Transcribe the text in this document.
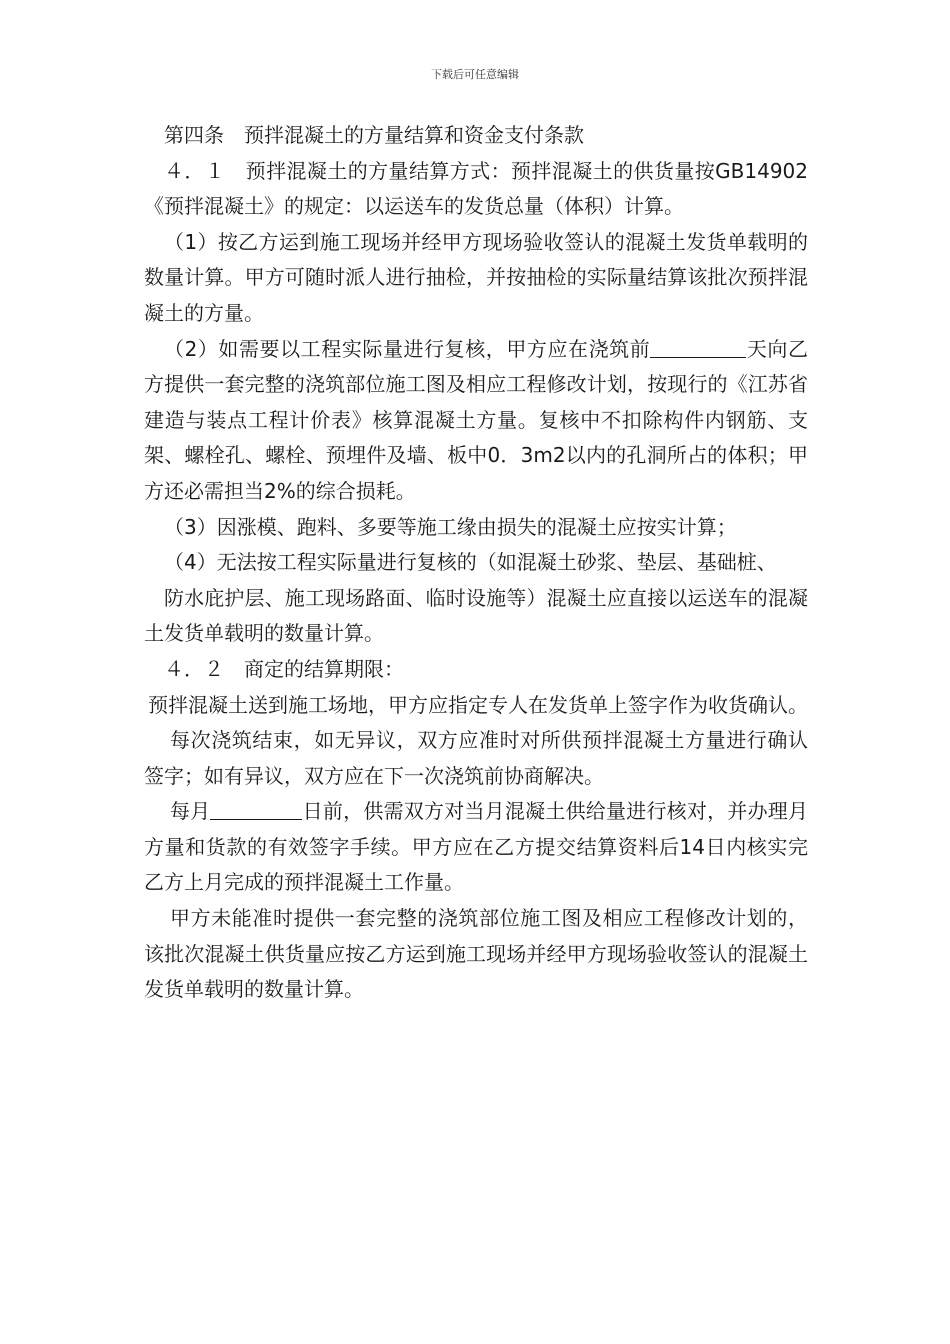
下载后可任意编辑

第四条　预拌混凝土的方量结算和资金支付条款

４．１　预拌混凝土的方量结算方式：预拌混凝土的供货量按GB14902《预拌混凝土》的规定：以运送车的发货总量（体积）计算。

（1）按乙方运到施工现场并经甲方现场验收签认的混凝土发货单载明的数量计算。甲方可随时派人进行抽检，并按抽检的实际量结算该批次预拌混凝土的方量。

（2）如需要以工程实际量进行复核，甲方应在浇筑前	天向乙方提供一套完整的浇筑部位施工图及相应工程修改计划，按现行的《江苏省建造与装点工程计价表》核算混凝土方量。复核中不扣除构件内钢筋、支架、螺栓孔、螺栓、预埋件及墙、板中0．3m2以内的孔洞所占的体积；甲方还必需担当2%的综合损耗。

（3）因涨模、跑料、多要等施工缘由损失的混凝土应按实计算；

（4）无法按工程实际量进行复核的（如混凝土砂浆、垫层、基础桩、

防水庇护层、施工现场路面、临时设施等）混凝土应直接以运送车的混凝土发货单载明的数量计算。

４．２　商定的结算期限：

预拌混凝土送到施工场地，甲方应指定专人在发货单上签字作为收货确认。

每次浇筑结束，如无异议，双方应准时对所供预拌混凝土方量进行确认签字；如有异议，双方应在下一次浇筑前协商解决。

每月	日前，供需双方对当月混凝土供给量进行核对，并办理月方量和货款的有效签字手续。甲方应在乙方提交结算资料后14日内核实完乙方上月完成的预拌混凝土工作量。

甲方未能准时提供一套完整的浇筑部位施工图及相应工程修改计划的，该批次混凝土供货量应按乙方运到施工现场并经甲方现场验收签认的混凝土发货单载明的数量计算。
